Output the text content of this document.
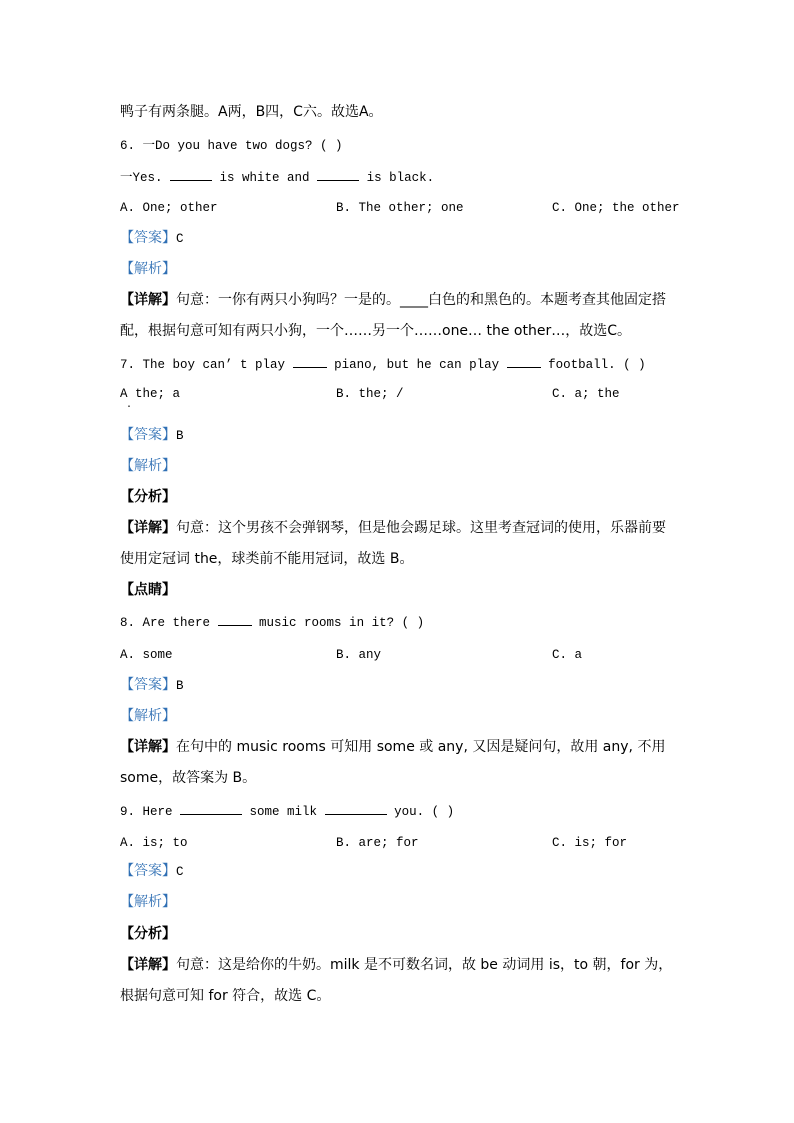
鸭子有两条腿。A两，B四，C六。故选A。
6. 一Do you have two dogs? ( )
一Yes.	is white and	is black.
A. One; other	B. The other; one	C. One; the other
【答案】C
【解析】
【详解】句意：一你有两只小狗吗？一是的。____白色的和黑色的。本题考查其他固定搭
配，根据句意可知有两只小狗，一个……另一个……one… the other…，故选C。
7. The boy can’ t play	piano, but he can play	football. ( )
A the; a
·
B. the; /	C. a; the
【答案】B
【解析】
【分析】
【详解】句意：这个男孩不会弹钢琴，但是他会踢足球。这里考查冠词的使用，乐器前要
使用定冠词 the，球类前不能用冠词，故选 B。
【点睛】
8. Are there	music rooms in it? ( )
A. some	B. any	C. a
【答案】B
【解析】
【详解】在句中的 music rooms 可知用 some 或 any, 又因是疑问句，故用 any, 不用
some，故答案为 B。
9. Here	some milk	you. ( )
A. is; to	B. are; for	C. is; for
【答案】C
【解析】
【分析】
【详解】句意：这是给你的牛奶。milk 是不可数名词，故 be 动词用 is，to 朝，for 为，
根据句意可知 for 符合，故选 C。
